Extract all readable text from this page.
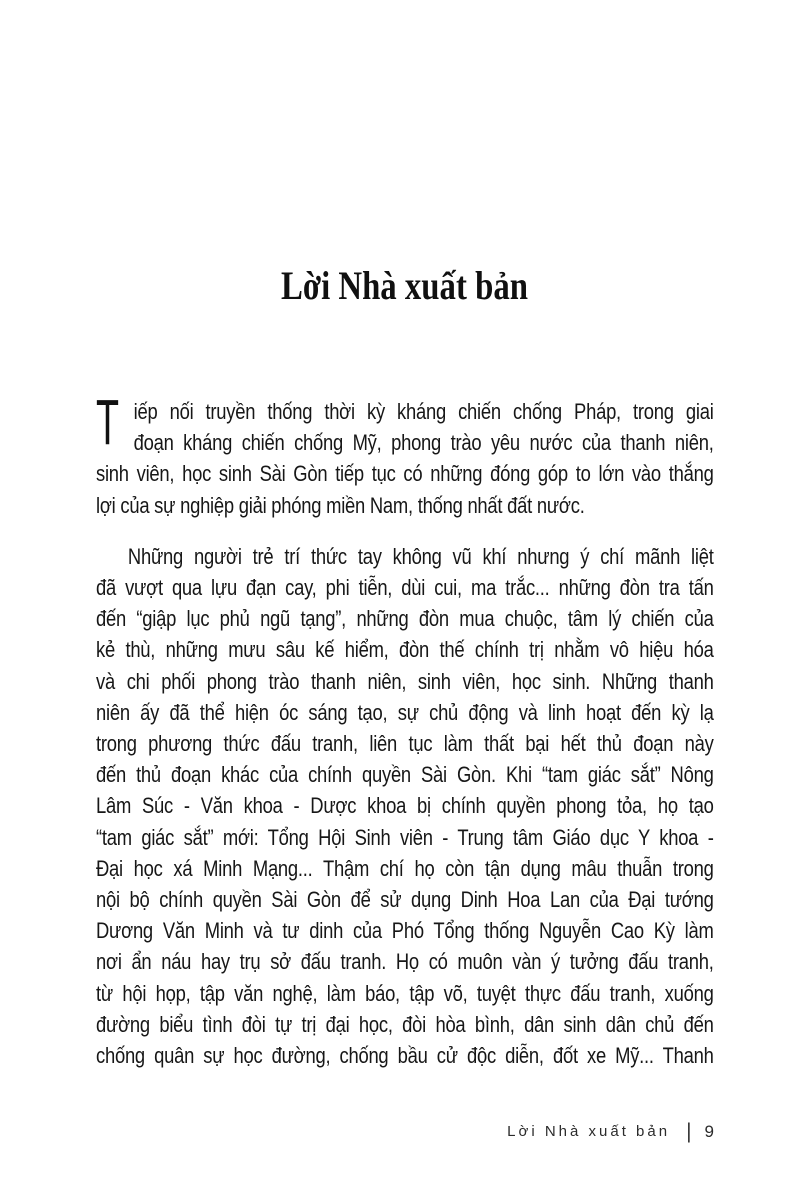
Lời Nhà xuất bản
T iếp nối truyền thống thời kỳ kháng chiến chống Pháp, trong giai
đoạn kháng chiến chống Mỹ, phong trào yêu nước của thanh niên,
sinh viên, học sinh Sài Gòn tiếp tục có những đóng góp to lớn vào thắng
lợi của sự nghiệp giải phóng miền Nam, thống nhất đất nước.
Những người trẻ trí thức tay không vũ khí nhưng ý chí mãnh liệt
đã vượt qua lựu đạn cay, phi tiễn, dùi cui, ma trắc... những đòn tra tấn
đến “giập lục phủ ngũ tạng”, những đòn mua chuộc, tâm lý chiến của
kẻ thù, những mưu sâu kế hiểm, đòn thế chính trị nhằm vô hiệu hóa
và chi phối phong trào thanh niên, sinh viên, học sinh. Những thanh
niên ấy đã thể hiện óc sáng tạo, sự chủ động và linh hoạt đến kỳ lạ
trong phương thức đấu tranh, liên tục làm thất bại hết thủ đoạn này
đến thủ đoạn khác của chính quyền Sài Gòn. Khi “tam giác sắt” Nông
Lâm Súc - Văn khoa - Dược khoa bị chính quyền phong tỏa, họ tạo
“tam giác sắt” mới: Tổng Hội Sinh viên - Trung tâm Giáo dục Y khoa -
Đại học xá Minh Mạng... Thậm chí họ còn tận dụng mâu thuẫn trong
nội bộ chính quyền Sài Gòn để sử dụng Dinh Hoa Lan của Đại tướng
Dương Văn Minh và tư dinh của Phó Tổng thống Nguyễn Cao Kỳ làm
nơi ẩn náu hay trụ sở đấu tranh. Họ có muôn vàn ý tưởng đấu tranh,
từ hội họp, tập văn nghệ, làm báo, tập võ, tuyệt thực đấu tranh, xuống
đường biểu tình đòi tự trị đại học, đòi hòa bình, dân sinh dân chủ đến
chống quân sự học đường, chống bầu cử độc diễn, đốt xe Mỹ... Thanh
Lời Nhà xuất bản | 9
